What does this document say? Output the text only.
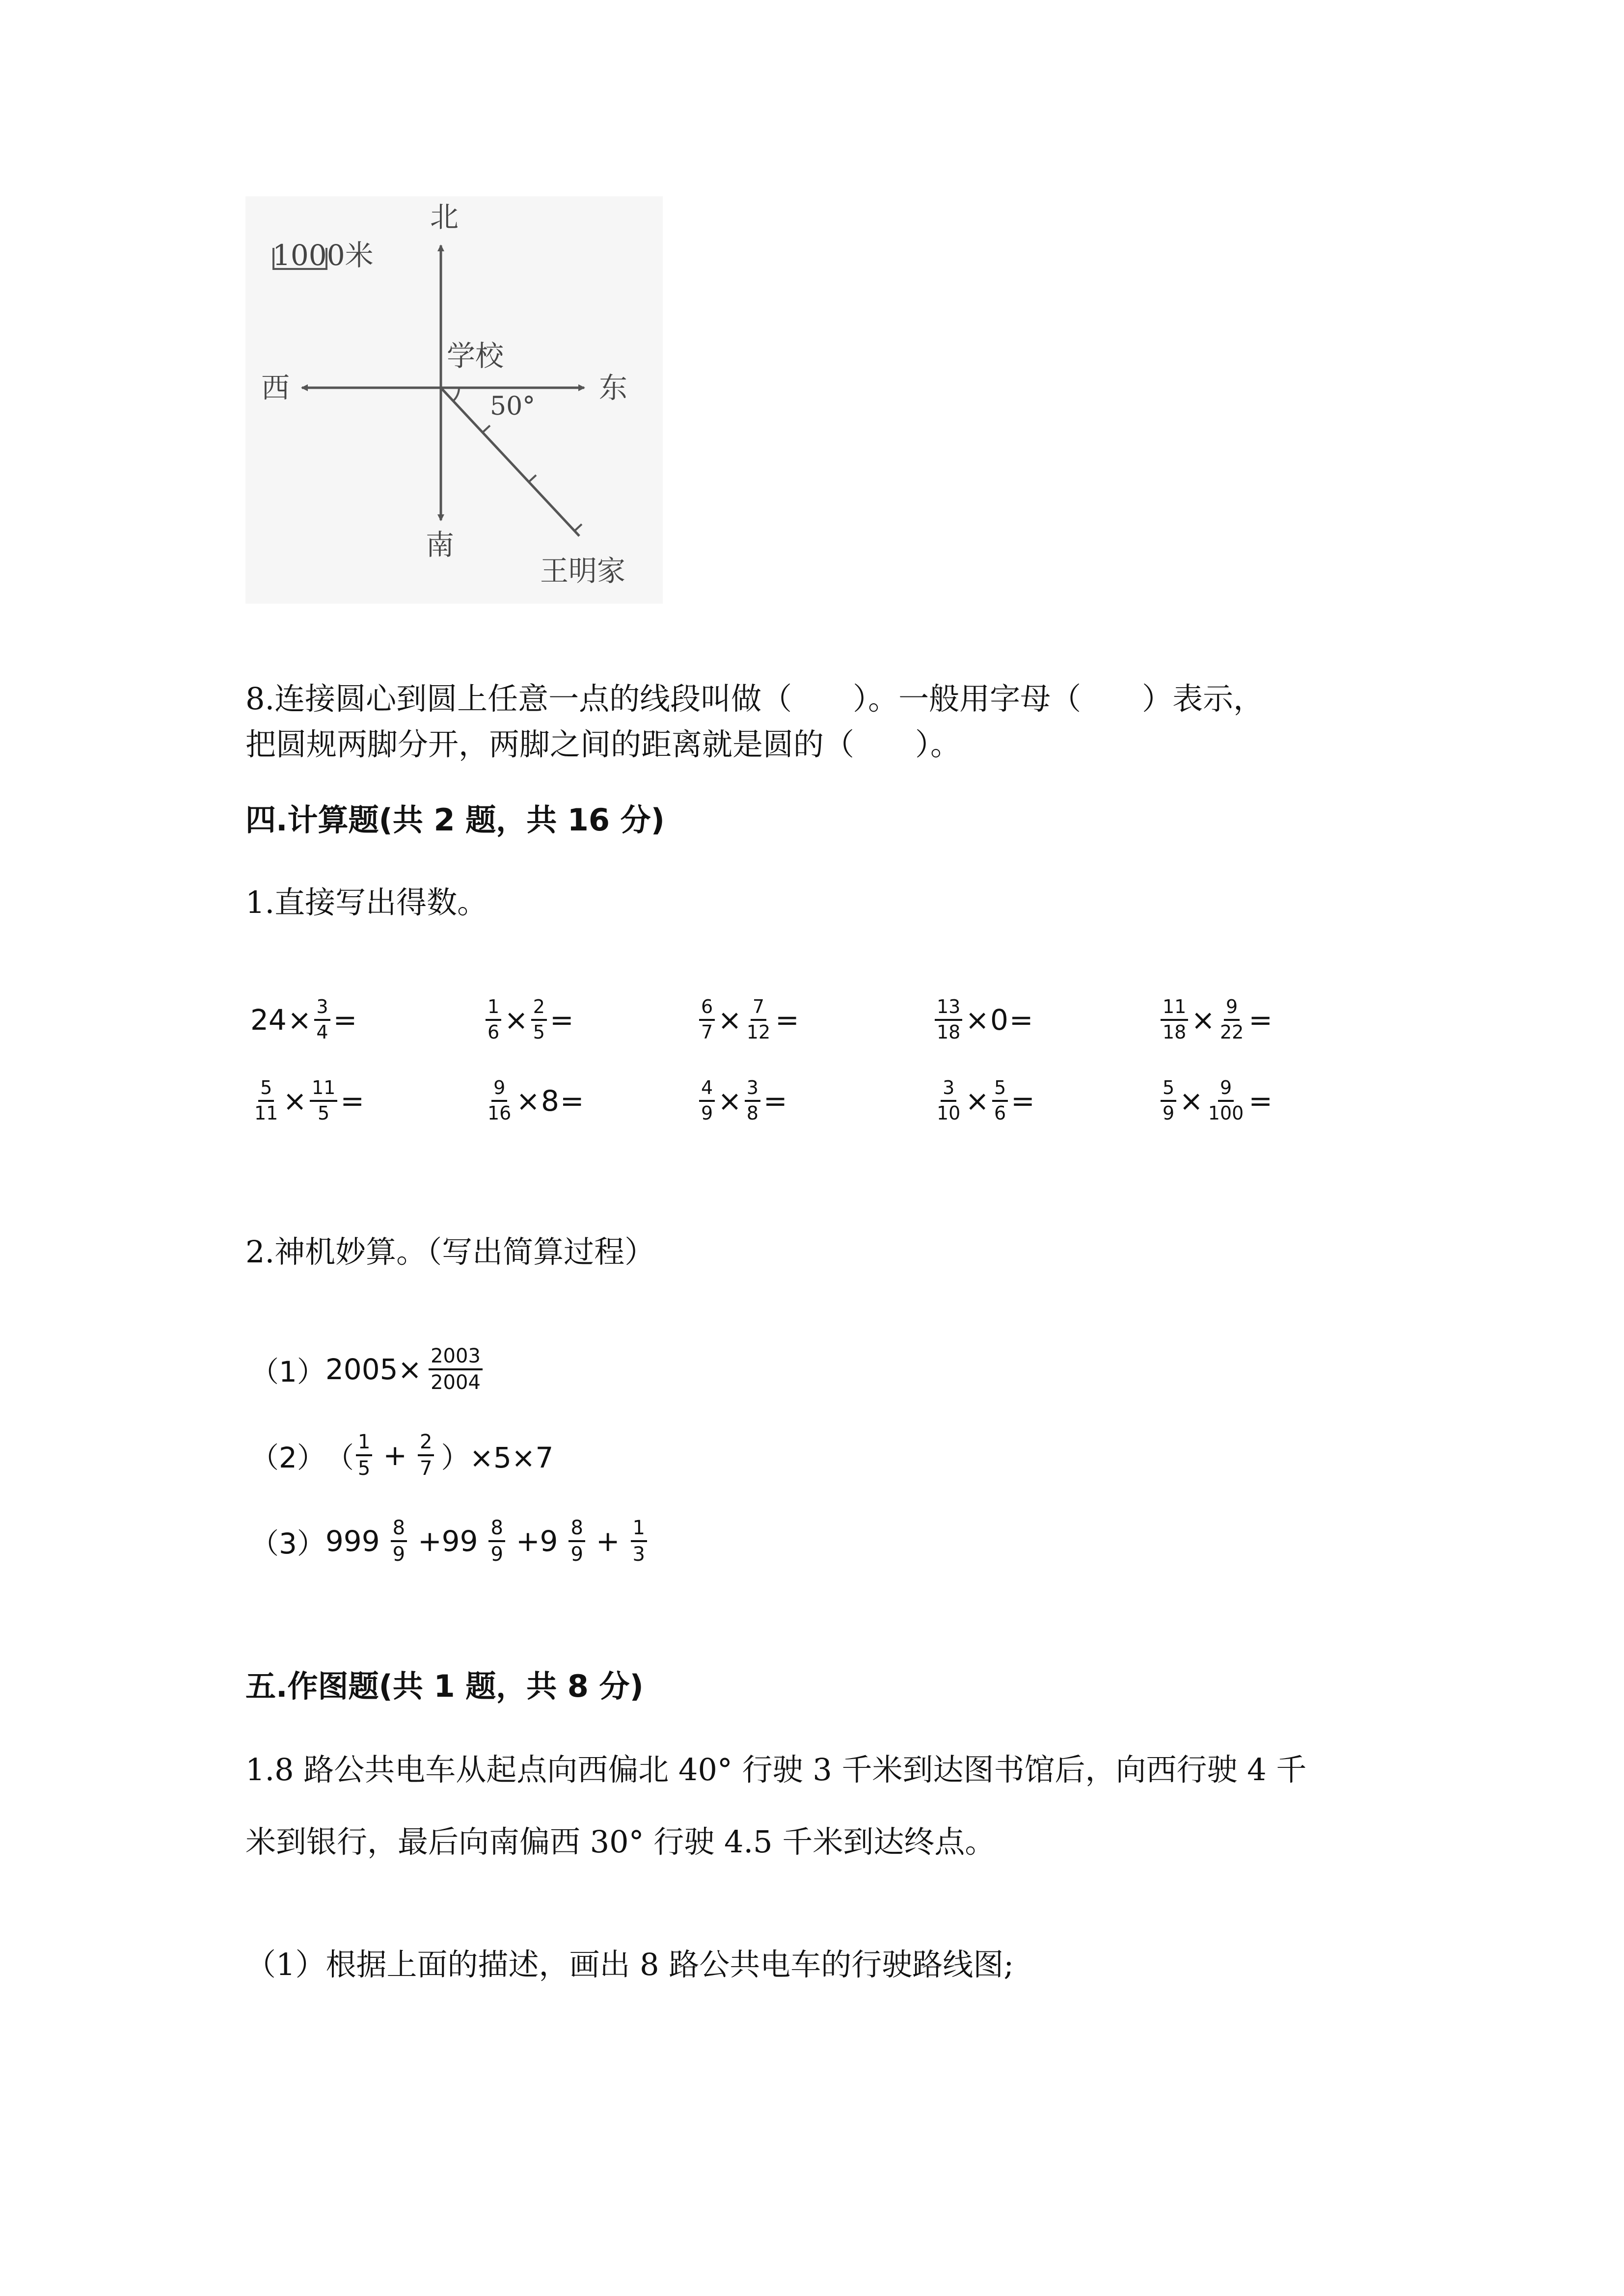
1000米
北
南
东
西
学校
50°
王明家
8.连接圆心到圆上任意一点的线段叫做（　　）。一般用字母（　　）表示，
把圆规两脚分开，两脚之间的距离就是圆的（　　）。
四.计算题(共 2 题，共 16 分)
1.直接写出得数。
$24 \times \frac{3}{4}$ =	$\frac{1}{6} \times \frac{2}{5}$ =	$\frac{6}{7} \times \frac{7}{12}$ =	$\frac{13}{18} \times 0$ =	$\frac{11}{18} \times \frac{9}{22}$ =
$\frac{5}{11} \times \frac{11}{5}$ =	$\frac{9}{16} \times 8$ =	$\frac{4}{9} \times \frac{3}{8}$ =	$\frac{3}{10} \times \frac{5}{6}$ =	$\frac{5}{9} \times \frac{9}{100}$ =
2.神机妙算。（写出简算过程）
（1） $2005\times \frac{2003}{2004}$
（2） （ $\frac{1}{5} + \frac{2}{7} )\times 5\times 7$
（3） $999 \frac{8}{9} +99 \frac{8}{9} +9 \frac{8}{9} + \frac{1}{3}$
五.作图题(共 1 题，共 8 分)
1.8 路公共电车从起点向西偏北 40° 行驶 3 千米到达图书馆后，向西行驶 4 千
米到银行，最后向南偏西 30° 行驶 4.5 千米到达终点。
（1）根据上面的描述，画出 8 路公共电车的行驶路线图;
